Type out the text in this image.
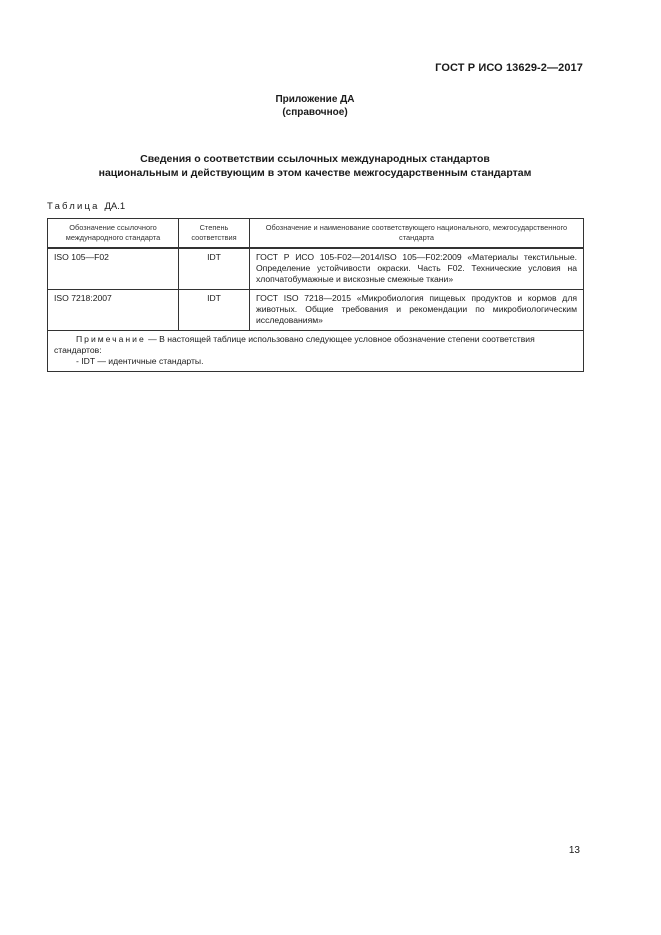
ГОСТ Р ИСО 13629-2—2017
Приложение ДА
(справочное)
Сведения о соответствии ссылочных международных стандартов
национальным и действующим в этом качестве межгосударственным стандартам
Таблица ДА.1
Обозначение ссылочного международного стандарта	Степень соответствия	Обозначение и наименование соответствующего национального, межгосударственного стандарта
ISO 105—F02	IDT	ГОСТ Р ИСО 105-F02—2014/ISO 105—F02:2009 «Материалы текстильные. Определение устойчивости окраски. Часть F02. Технические условия на хлопчатобумажные и вискозные смежные ткани»
ISO 7218:2007	IDT	ГОСТ ISO 7218—2015 «Микробиология пищевых продуктов и кормов для животных. Общие требования и рекомендации по микробиологическим исследованиям»
Примечание — В настоящей таблице использовано следующее условное обозначение степени соответствия стандартов:
- IDT — идентичные стандарты.		
13
